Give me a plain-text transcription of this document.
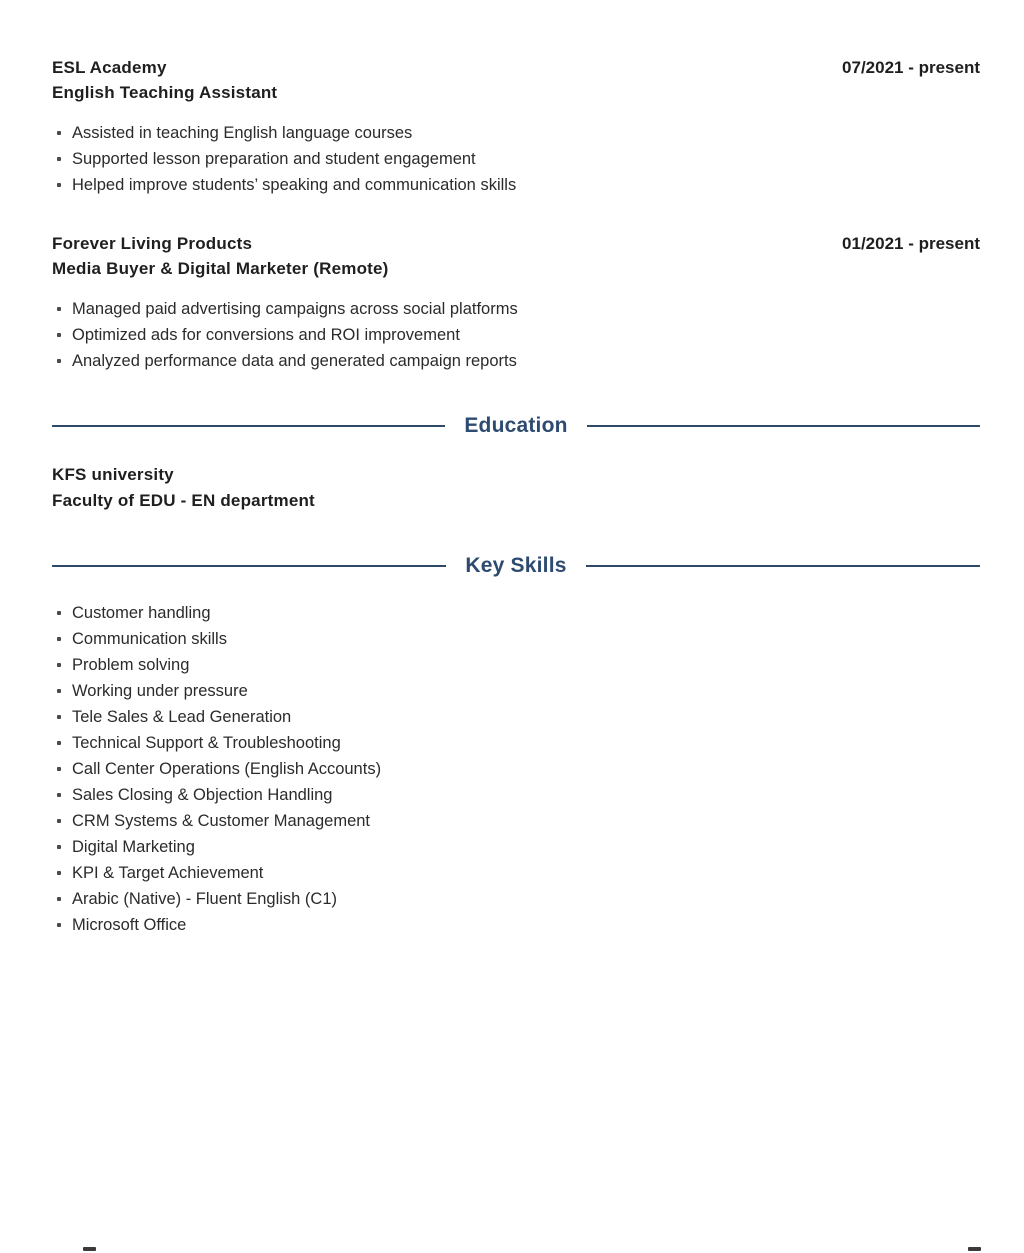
ESL Academy	07/2021 - present
English Teaching Assistant
Assisted in teaching English language courses
Supported lesson preparation and student engagement
Helped improve students’ speaking and communication skills
Forever Living Products	01/2021 - present
Media Buyer & Digital Marketer (Remote)
Managed paid advertising campaigns across social platforms
Optimized ads for conversions and ROI improvement
Analyzed performance data and generated campaign reports
Education
KFS university
Faculty of EDU - EN department
Key Skills
Customer handling
Communication skills
Problem solving
Working under pressure
Tele Sales & Lead Generation
Technical Support & Troubleshooting
Call Center Operations (English Accounts)
Sales Closing & Objection Handling
CRM Systems & Customer Management
Digital Marketing
KPI & Target Achievement
Arabic (Native) - Fluent English (C1)
Microsoft Office
